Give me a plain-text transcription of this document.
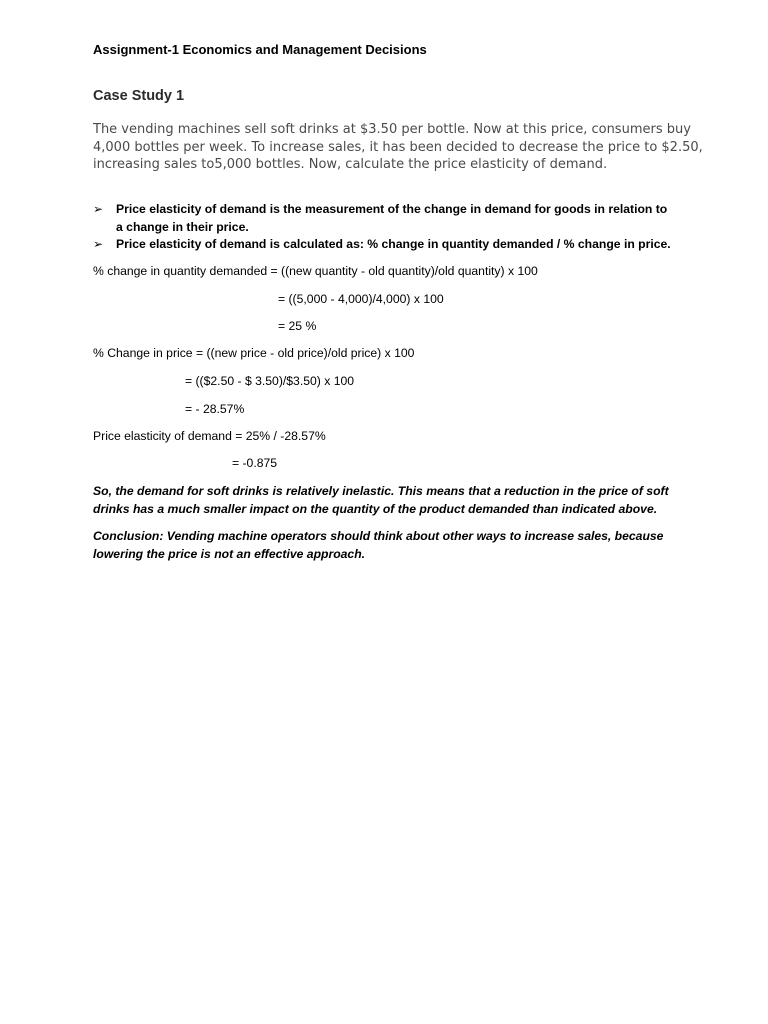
Assignment-1 Economics and Management Decisions
Case Study 1
The vending machines sell soft drinks at $3.50 per bottle. Now at this price, consumers buy
4,000 bottles per week. To increase sales, it has been decided to decrease the price to $2.50,
increasing sales to5,000 bottles. Now, calculate the price elasticity of demand.
➢ Price elasticity of demand is the measurement of the change in demand for goods in relation to
a change in their price.
➢ Price elasticity of demand is calculated as: % change in quantity demanded / % change in price.
% change in quantity demanded = ((new quantity - old quantity)/old quantity) x 100
= ((5,000 - 4,000)/4,000) x 100
= 25 %
% Change in price = ((new price - old price)/old price) x 100
= (($2.50 - $ 3.50)/$3.50) x 100
= - 28.57%
Price elasticity of demand = 25% / -28.57%
= -0.875
So, the demand for soft drinks is relatively inelastic. This means that a reduction in the price of soft
drinks has a much smaller impact on the quantity of the product demanded than indicated above.
Conclusion: Vending machine operators should think about other ways to increase sales, because
lowering the price is not an effective approach.
